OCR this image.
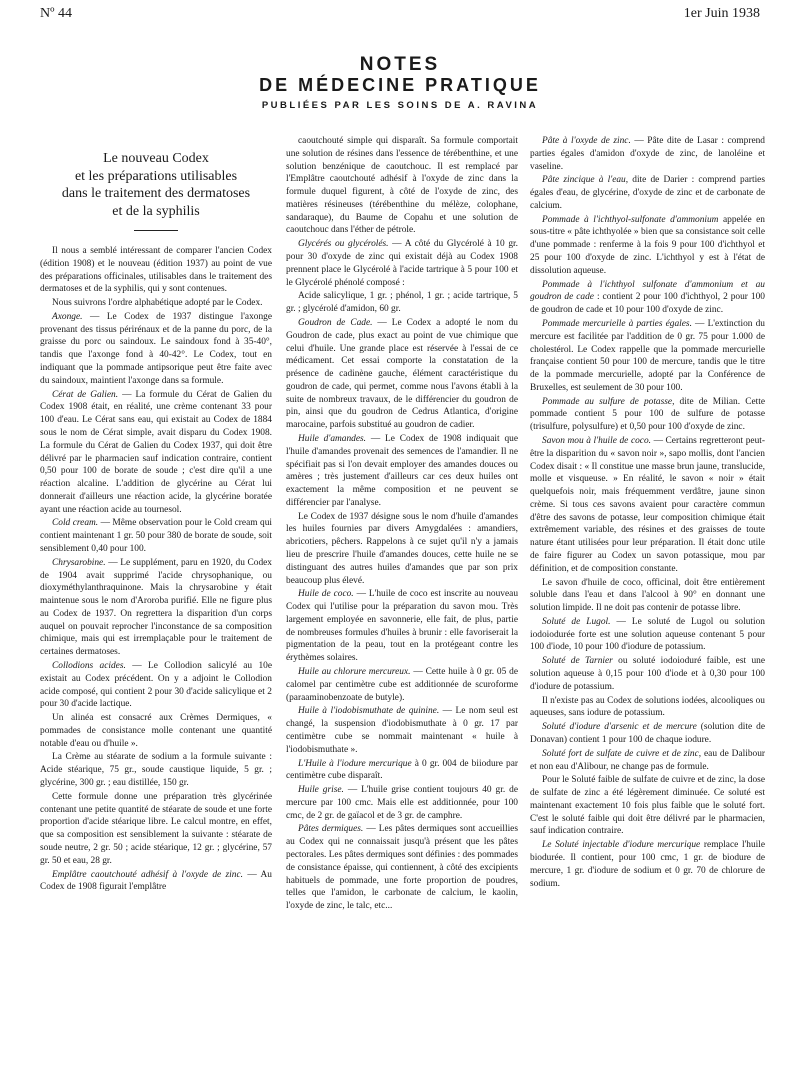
Nº 44	1er Juin 1938
NOTES
DE MÉDECINE PRATIQUE
PUBLIÉES PAR LES SOINS DE A. RAVINA
Le nouveau Codex
et les préparations utilisables
dans le traitement des dermatoses
et de la syphilis

Il nous a semblé intéressant de comparer l'ancien Codex (édition 1908) et le nouveau (édition 1937) au point de vue des préparations officinales, utilisables dans le traitement des dermatoses et de la syphilis, qui y sont contenues.

Nous suivrons l'ordre alphabétique adopté par le Codex.

Axonge. — Le Codex de 1937 distingue l'axonge provenant des tissus périrénaux et de la panne du porc, de la graisse du porc ou saindoux. Le saindoux fond à 35-40°, tandis que l'axonge fond à 40-42°. Le Codex, tout en indiquant que la pommade antipsorique peut être faite avec du saindoux, maintient l'axonge dans sa formule.

Cérat de Galien. — La formule du Cérat de Galien du Codex 1908 était, en réalité, une crème contenant 33 pour 100 d'eau. Le Cérat sans eau, qui existait au Codex de 1884 sous le nom de Cérat simple, avait disparu du Codex 1908. La formule du Cérat de Galien du Codex 1937, qui doit être délivré par le pharmacien sauf indication contraire, contient 0,50 pour 100 de borate de soude ; c'est dire qu'il a une réaction alcaline. L'addition de glycérine au Cérat lui donnerait d'ailleurs une réaction acide, la glycérine boratée ayant une réaction acide au tournesol.

Cold cream. — Même observation pour le Cold cream qui contient maintenant 1 gr. 50 pour 380 de borate de soude, soit sensiblement 0,40 pour 100.

Chrysarobine. — Le supplément, paru en 1920, du Codex de 1904 avait supprimé l'acide chrysophanique, ou dioxyméthylanthraquinone. Mais la chrysarobine y était maintenue sous le nom d'Aroroba purifié. Elle ne figure plus au Codex de 1937. On regrettera la disparition d'un corps auquel on pouvait reprocher l'inconstance de sa composition chimique, mais qui est irremplaçable pour le traitement de certaines dermatoses.

Collodions acides. — Le Collodion salicylé au 10e existait au Codex précédent. On y a adjoint le Collodion acide composé, qui contient 2 pour 30 d'acide salicylique et 2 pour 30 d'acide lactique.

Un alinéa est consacré aux Crèmes Dermiques, « pommades de consistance molle contenant une quantité notable d'eau ou d'huile ».

La Crème au stéarate de sodium a la formule suivante : Acide stéarique, 75 gr., soude caustique liquide, 5 gr. ; glycérine, 300 gr. ; eau distillée, 150 gr.

Cette formule donne une préparation très glycérinée contenant une petite quantité de stéarate de soude et une forte proportion d'acide stéarique libre. Le calcul montre, en effet, que sa composition est sensiblement la suivante : stéarate de soude neutre, 2 gr. 50 ; acide stéarique, 12 gr. ; glycérine, 57 gr. 50 et eau, 28 gr.

Emplâtre caoutchouté adhésif à l'oxyde de zinc. — Au Codex de 1908 figurait l'emplâtre

caoutchouté simple qui disparaît. Sa formule comportait une solution de résines dans l'essence de térébenthine, et une solution benzénique de caoutchouc. Il est remplacé par l'Emplâtre caoutchouté adhésif à l'oxyde de zinc dans la formule duquel figurent, à côté de l'oxyde de zinc, des matières résineuses (térébenthine du mélèze, colophane, sandaraque), du Baume de Copahu et une solution de caoutchouc dans l'éther de pétrole.

Glycérés ou glycérolés. — A côté du Glycérolé à 10 gr. pour 30 d'oxyde de zinc qui existait déjà au Codex 1908 prennent place le Glycérolé à l'acide tartrique à 5 pour 100 et le Glycérolé phénolé composé :

Acide salicylique, 1 gr. ; phénol, 1 gr. ; acide tartrique, 5 gr. ; glycérolé d'amidon, 60 gr.

Goudron de Cade. — Le Codex a adopté le nom du Goudron de cade, plus exact au point de vue chimique que celui d'huile. Une grande place est réservée à l'essai de ce médicament. Cet essai comporte la constatation de la présence de cadinène gauche, élément caractéristique du goudron de cade, qui permet, comme nous l'avons établi à la suite de nombreux travaux, de le différencier du goudron de pin, ainsi que du goudron de Cedrus Atlantica, d'origine marocaine, parfois substitué au goudron de cadier.

Huile d'amandes. — Le Codex de 1908 indiquait que l'huile d'amandes provenait des semences de l'amandier. Il ne spécifiait pas si l'on devait employer des amandes douces ou amères ; très justement d'ailleurs car ces deux huiles ont exactement la même composition et ne peuvent se différencier par l'analyse.

Le Codex de 1937 désigne sous le nom d'huile d'amandes les huiles fournies par divers Amygdalées : amandiers, abricotiers, pêchers. Rappelons à ce sujet qu'il n'y a jamais lieu de prescrire l'huile d'amandes douces, cette huile ne se distinguant des autres huiles d'amandes que par son prix beaucoup plus élevé.

Huile de coco. — L'huile de coco est inscrite au nouveau Codex qui l'utilise pour la préparation du savon mou. Très largement employée en savonnerie, elle fait, de plus, partie de nombreuses formules d'huiles à brunir : elle favoriserait la pigmentation de la peau, tout en la protégeant contre les érythèmes solaires.

Huile au chlorure mercureux. — Cette huile à 0 gr. 05 de calomel par centimètre cube est additionnée de scuroforme (paraaminobenzoate de butyle).

Huile à l'iodobismuthate de quinine. — Le nom seul est changé, la suspension d'iodobismuthate à 0 gr. 17 par centimètre cube se nommait maintenant « huile à l'iodobismuthate ».

L'Huile à l'iodure mercurique à 0 gr. 004 de biiodure par centimètre cube disparaît.

Huile grise. — L'huile grise contient toujours 40 gr. de mercure par 100 cmc. Mais elle est additionnée, pour 100 cmc, de 2 gr. de gaïacol et de 3 gr. de camphre.

Pâtes dermiques. — Les pâtes dermiques sont accueillies au Codex qui ne connaissait jusqu'à présent que les pâtes pectorales. Les pâtes dermiques sont définies : des pommades de consistance épaisse, qui contiennent, à côté des excipients habituels de pommade, une forte proportion de poudres, telles que l'amidon, le carbonate de calcium, le kaolin, l'oxyde de zinc, le talc, etc...

Pâte à l'oxyde de zinc. — Pâte dite de Lasar : comprend parties égales d'amidon d'oxyde de zinc, de lanoléine et vaseline.

Pâte zincique à l'eau, dite de Darier : comprend parties égales d'eau, de glycérine, d'oxyde de zinc et de carbonate de calcium.

Pommade à l'ichthyol-sulfonate d'ammonium appelée en sous-titre « pâte ichthyolée » bien que sa consistance soit celle d'une pommade : renferme à la fois 9 pour 100 d'ichthyol et 25 pour 100 d'oxyde de zinc. L'ichthyol y est à l'état de dissolution aqueuse.

Pommade à l'ichthyol sulfonate d'ammonium et au goudron de cade : contient 2 pour 100 d'ichthyol, 2 pour 100 de goudron de cade et 10 pour 100 d'oxyde de zinc.

Pommade mercurielle à parties égales. — L'extinction du mercure est facilitée par l'addition de 0 gr. 75 pour 1.000 de cholestérol. Le Codex rappelle que la pommade mercurielle française contient 50 pour 100 de mercure, tandis que le titre de la pommade mercurielle, adopté par la Conférence de Bruxelles, est seulement de 30 pour 100.

Pommade au sulfure de potasse, dite de Milian. Cette pommade contient 5 pour 100 de sulfure de potasse (trisulfure, polysulfure) et 0,50 pour 100 d'oxyde de zinc.

Savon mou à l'huile de coco. — Certains regretteront peut-être la disparition du « savon noir », sapo mollis, dont l'ancien Codex disait : « Il constitue une masse brun jaune, translucide, molle et visqueuse. » En réalité, le savon « noir » était quelquefois noir, mais fréquemment verdâtre, jaune sinon crème. Si tous ces savons avaient pour caractère commun d'être des savons de potasse, leur composition chimique était extrêmement variable, des résines et des graisses de toute nature étant utilisées pour leur préparation. Il était donc utile de faire figurer au Codex un savon potassique, mou par définition, et de composition constante.

Le savon d'huile de coco, officinal, doit être entièrement soluble dans l'eau et dans l'alcool à 90° en donnant une solution limpide. Il ne doit pas contenir de potasse libre.

Soluté de Lugol. — Le soluté de Lugol ou solution iodoiodurée forte est une solution aqueuse contenant 5 pour 100 d'iode, 10 pour 100 d'iodure de potassium.

Soluté de Tarnier ou soluté iodoioduré faible, est une solution aqueuse à 0,15 pour 100 d'iode et à 0,30 pour 100 d'iodure de potassium.

Il n'existe pas au Codex de solutions iodées, alcooliques ou aqueuses, sans iodure de potassium.

Soluté d'iodure d'arsenic et de mercure (solution dite de Donavan) contient 1 pour 100 de chaque iodure.

Soluté fort de sulfate de cuivre et de zinc, eau de Dalibour et non eau d'Alibour, ne change pas de formule.

Pour le Soluté faible de sulfate de cuivre et de zinc, la dose de sulfate de zinc a été légèrement diminuée. Ce soluté est maintenant exactement 10 fois plus faible que le soluté fort. C'est le soluté faible qui doit être délivré par le pharmacien, sauf indication contraire.

Le Soluté injectable d'iodure mercurique remplace l'huile biodurée. Il contient, pour 100 cmc, 1 gr. de biodure de mercure, 1 gr. d'iodure de sodium et 0 gr. 70 de chlorure de sodium.
